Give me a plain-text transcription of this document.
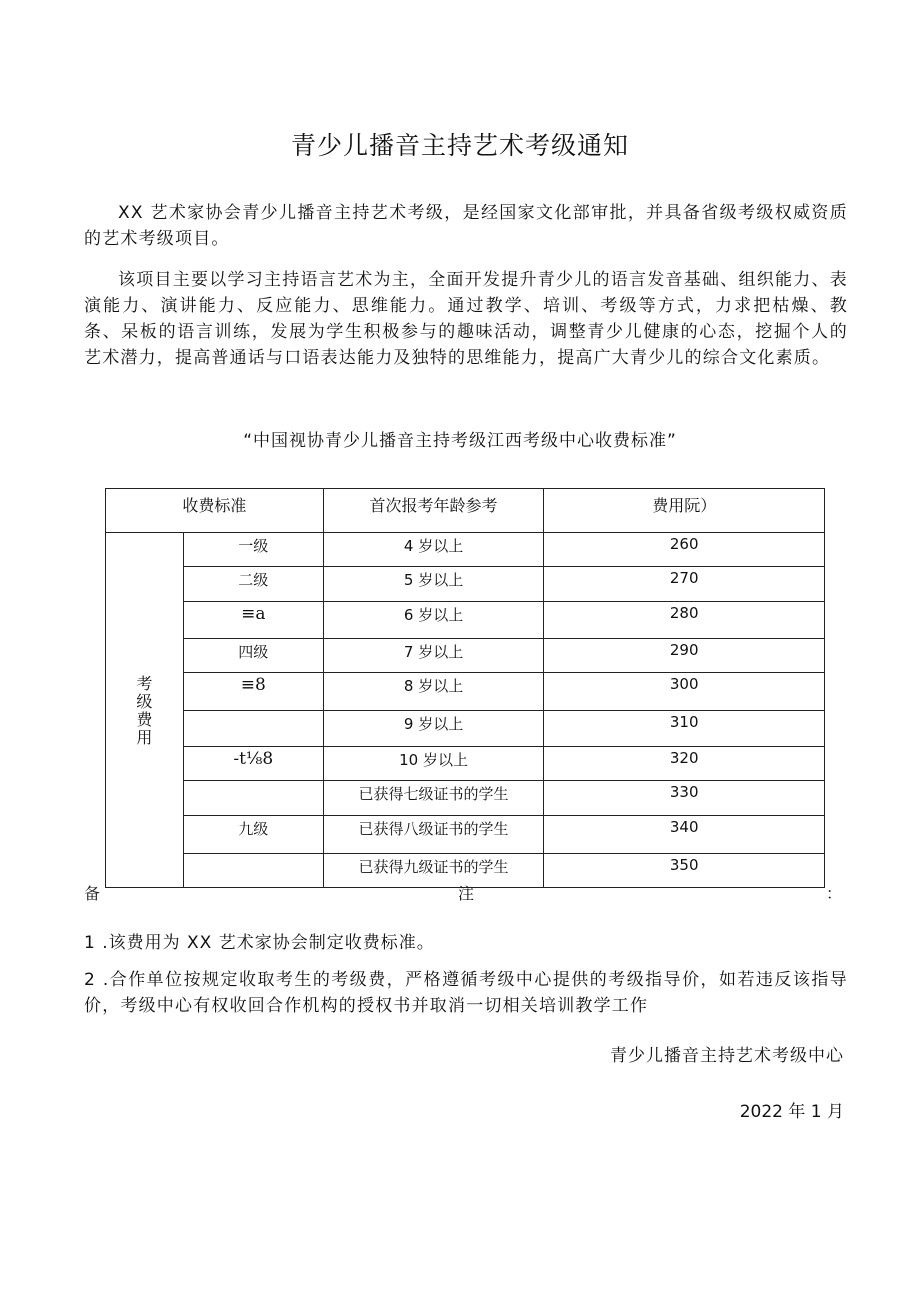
青少儿播音主持艺术考级通知
XX 艺术家协会青少儿播音主持艺术考级，是经国家文化部审批，并具备省级考级权威资质的艺术考级项目。
该项目主要以学习主持语言艺术为主，全面开发提升青少儿的语言发音基础、组织能力、表演能力、演讲能力、反应能力、思维能力。通过教学、培训、考级等方式，力求把枯燥、教条、呆板的语言训练，发展为学生积极参与的趣味活动，调整青少儿健康的心态，挖掘个人的艺术潜力，提高普通话与口语表达能力及独特的思维能力，提高广大青少儿的综合文化素质。
“中国视协青少儿播音主持考级江西考级中心收费标准”
收费标准		首次报考年龄参考	费用阮）

考级费用	一级	4 岁以上	260
	二级	5 岁以上	270
	≡a	6 岁以上	280
	四级	7 岁以上	290
	≡8	8 岁以上	300
		9 岁以上	310
	-t⅛8	10 岁以上	320
		已获得七级证书的学生	330
	九级	已获得八级证书的学生	340
		已获得九级证书的学生	350
备	注	：
1 .该费用为 XX 艺术家协会制定收费标准。
2 .合作单位按规定收取考生的考级费，严格遵循考级中心提供的考级指导价，如若违反该指导价，考级中心有权收回合作机构的授权书并取消一切相关培训教学工作
青少儿播音主持艺术考级中心
2022 年 1 月
